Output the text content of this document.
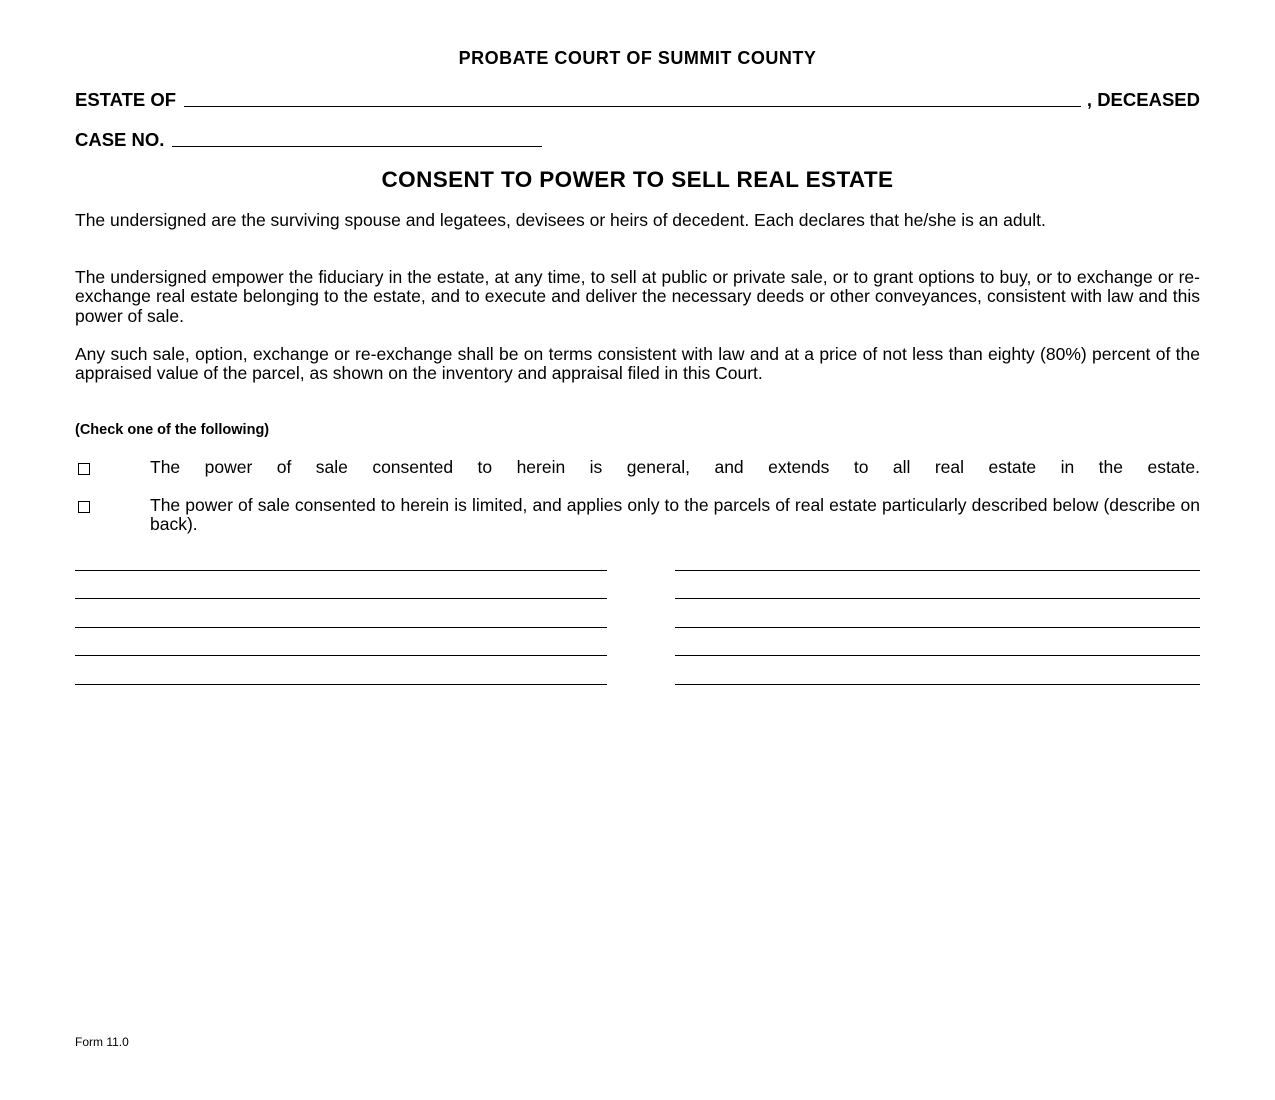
PROBATE COURT OF SUMMIT COUNTY
ESTATE OF	, DECEASED
CASE NO.
CONSENT TO POWER TO SELL REAL ESTATE

The undersigned are the surviving spouse and legatees, devisees or heirs of decedent. Each declares that he/she is an adult.

The undersigned empower the fiduciary in the estate, at any time, to sell at public or private sale, or to grant options to buy, or to exchange or re-exchange real estate belonging to the estate, and to execute and deliver the necessary deeds or other conveyances, consistent with law and this power of sale.

Any such sale, option, exchange or re-exchange shall be on terms consistent with law and at a price of not less than eighty (80%) percent of the appraised value of the parcel, as shown on the inventory and appraisal filed in this Court.

(Check one of the following)
The power of sale consented to herein is general, and extends to all real estate in the estate.
The power of sale consented to herein is limited, and applies only to the parcels of real estate particularly described below (describe on back).
Form 11.0
